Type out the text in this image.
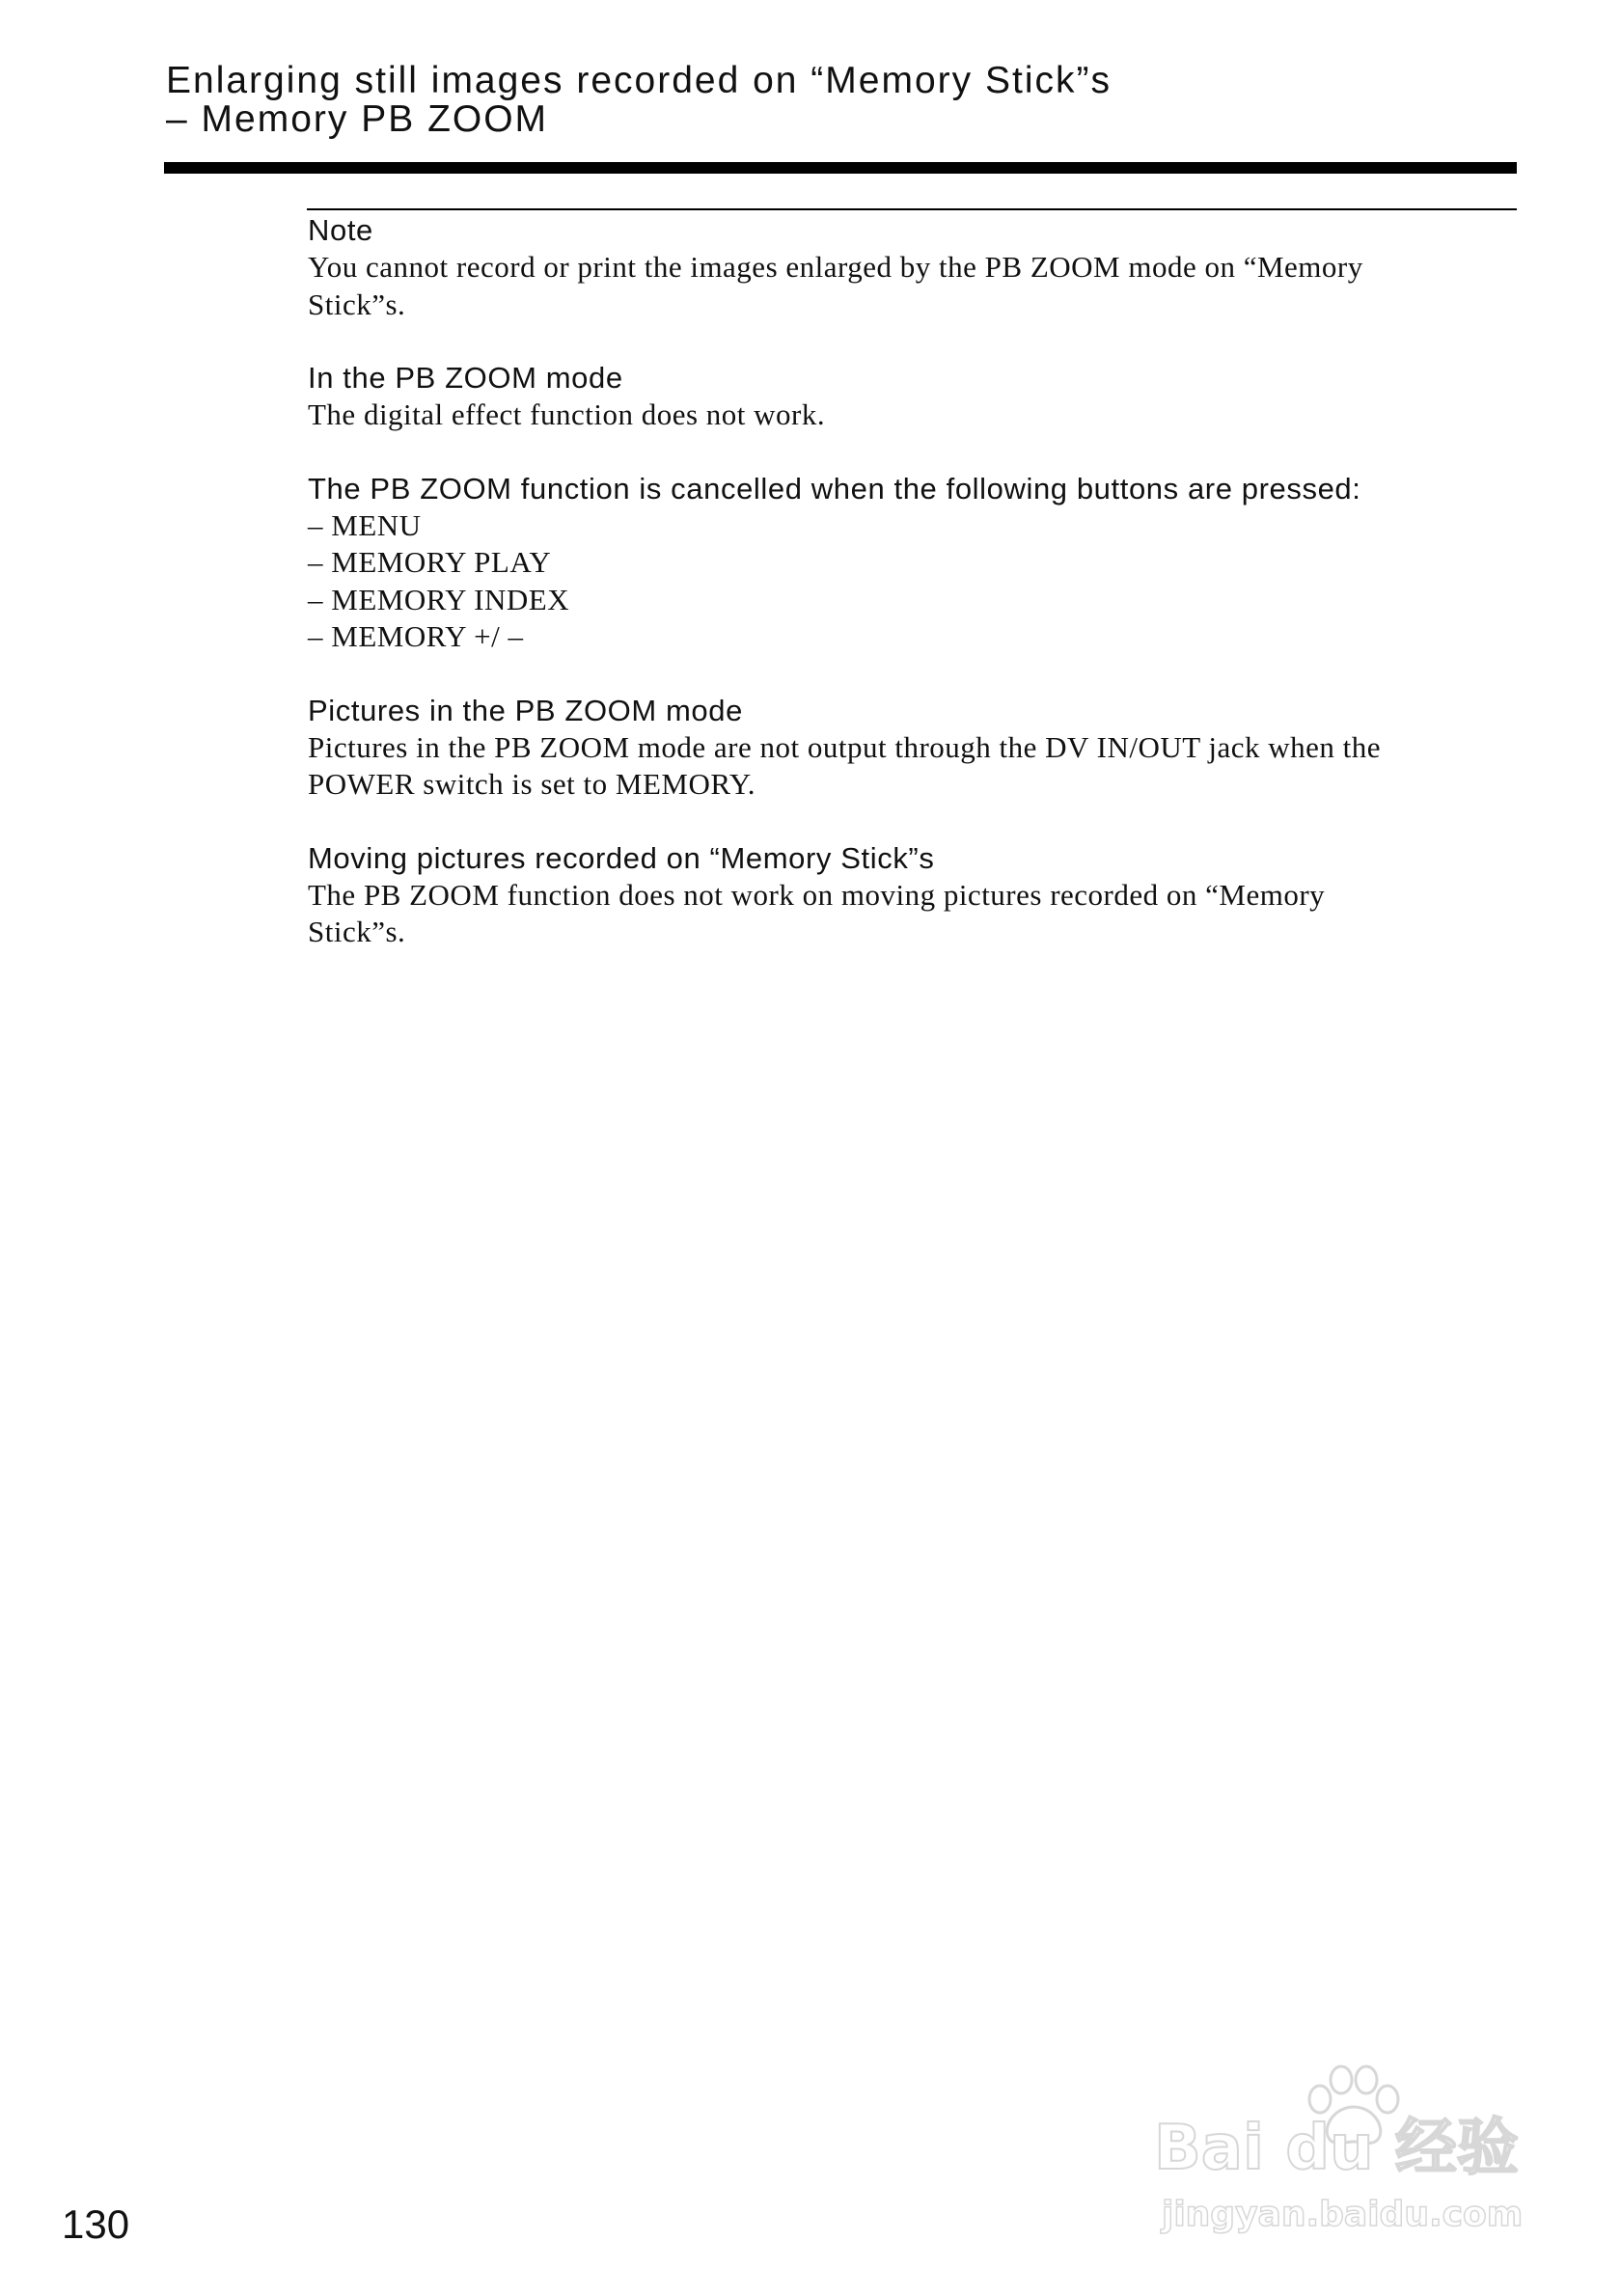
Enlarging still images recorded on “Memory Stick”s
– Memory PB ZOOM
Note
You cannot record or print the images enlarged by the PB ZOOM mode on “Memory
Stick”s.
In the PB ZOOM mode
The digital effect function does not work.
The PB ZOOM function is cancelled when the following buttons are pressed:
– MENU
– MEMORY PLAY
– MEMORY INDEX
– MEMORY +/ –
Pictures in the PB ZOOM mode
Pictures in the PB ZOOM mode are not output through the DV IN/OUT jack when the
POWER switch is set to MEMORY.
Moving pictures recorded on “Memory Stick”s
The PB ZOOM function does not work on moving pictures recorded on “Memory
Stick”s.
130
Bai du 经验
jingyan.baidu.com
